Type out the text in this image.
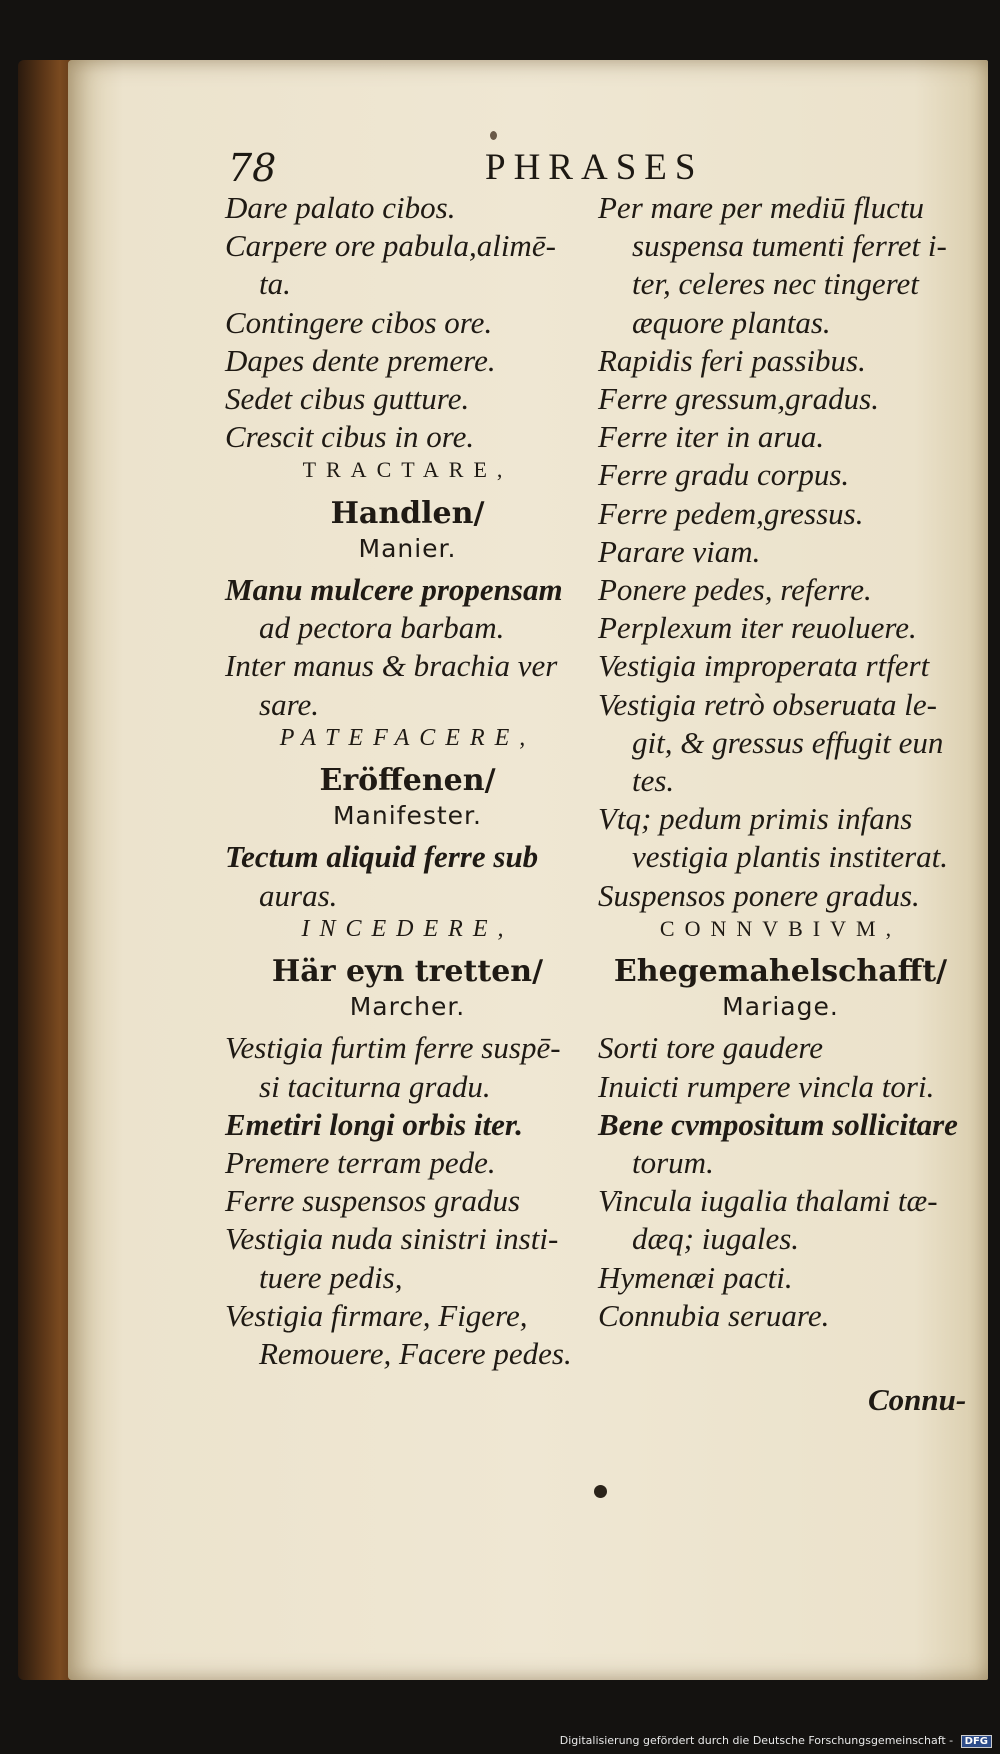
78	PHRASES
Dare palato cibos.
Carpere ore pabula,alimē-
ta.
Contingere cibos ore.
Dapes dente premere.
Sedet cibus gutture.
Crescit cibus in ore.
TRACTARE,
Handlen/
Manier.
Manu mulcere propensam
ad pectora barbam.
Inter manus & brachia ver
sare.
PATEFACERE,
Eröffenen/
Manifester.
Tectum aliquid ferre sub
auras.
INCEDERE,
Här eyn tretten/
Marcher.
Vestigia furtim ferre suspē-
si taciturna gradu.
Emetiri longi orbis iter.
Premere terram pede.
Ferre suspensos gradus
Vestigia nuda sinistri insti-
tuere pedis,
Vestigia firmare, Figere,
Remouere, Facere pedes.
Per mare per mediū fluctu
suspensa tumenti ferret i-
ter, celeres nec tingeret
æquore plantas.
Rapidis feri passibus.
Ferre gressum,gradus.
Ferre iter in arua.
Ferre gradu corpus.
Ferre pedem,gressus.
Parare viam.
Ponere pedes, referre.
Perplexum iter reuoluere.
Vestigia improperata rtfert
Vestigia retrò obseruata le-
git, & gressus effugit eun
tes.
Vtq; pedum primis infans
vestigia plantis institerat.
Suspensos ponere gradus.
CONNVBIVM,
Ehegemahelschafft/
Mariage.
Sorti tore gaudere
Inuicti rumpere vincla tori.
Bene cvmpositum sollicitare
torum.
Vincula iugalia thalami tæ-
dæq; iugales.
Hymenæi pacti.
Connubia seruare.
Connu-
Digitalisierung gefördert durch die Deutsche Forschungsgemeinschaft - DFG
